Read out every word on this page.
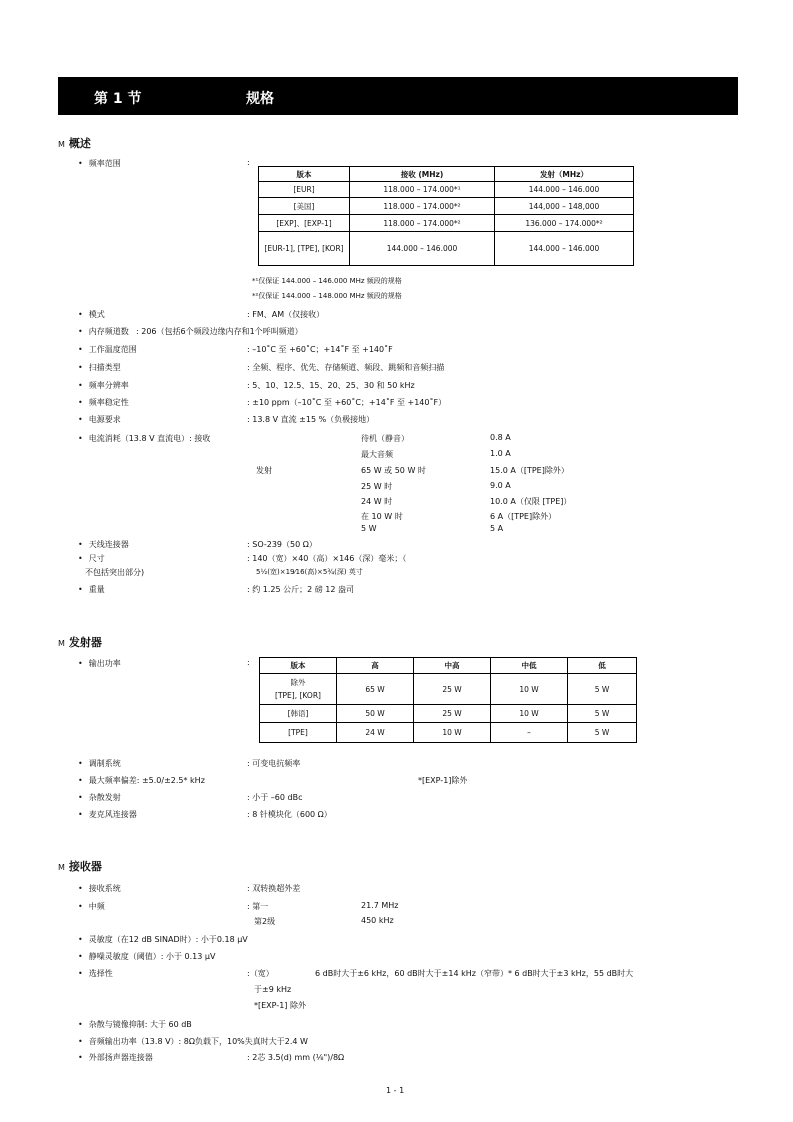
第 1 节	规格
M 概述
• 频率范围	:
版本	接收 (MHz)	发射（MHz）
[EUR]	118.000 – 174.000*¹	144.000 – 146.000
[美国]	118.000 – 174.000*²	144,000 – 148,000
[EXP]、[EXP-1]	118.000 – 174.000*²	136.000 – 174.000*²
[EUR-1], [TPE], [KOR]	144.000 – 146.000	144.000 – 146.000
*¹仅保证 144.000 – 146.000 MHz 频段的规格
*²仅保证 144.000 – 148.000 MHz 频段的规格
• 模式	: FM、AM（仅接收）
• 内存频道数 : 206（包括6个频段边缘内存和1个呼叫频道）
• 工作温度范围	: –10˚C 至 +60˚C；+14˚F 至 +140˚F
• 扫描类型	: 全频、程序、优先、存储频道、频段、跳频和音频扫描
• 频率分辨率	: 5、10、12.5、15、20、25、30 和 50 kHz
• 频率稳定性	: ±10 ppm（–10˚C 至 +60˚C；+14˚F 至 +140˚F）
• 电源要求	: 13.8 V 直流 ±15 %（负极接地）
• 电流消耗（13.8 V 直流电）: 接收
发射
待机（静音）	0.8 A
最大音频	1.0 A
65 W 或 50 W 时	15.0 A（[TPE]除外）
25 W 时	9.0 A
24 W 时	10.0 A（仅限 [TPE]）
在 10 W 时	6 A（[TPE]除外）
5 W	5 A
• 天线连接器	: SO-239（50 Ω）
• 尺寸
不包括突出部分)
: 140（宽）×40（高）×146（深）毫米；（
5½(宽)×19⁄16(高)×5¾(深) 英寸
• 重量	: 约 1.25 公斤；2 磅 12 盎司
M 发射器
• 输出功率	:	版本	高	中高	中低	低
除外
[TPE], [KOR]	65 W	25 W	10 W	5 W
[韩语]	50 W	25 W	10 W	5 W
[TPE]	24 W	10 W	–	5 W
• 调制系统	: 可变电抗频率
• 最大频率偏差: ±5.0/±2.5* kHz	*[EXP-1]除外
• 杂散发射	: 小于 –60 dBc
• 麦克风连接器	: 8 针模块化（600 Ω）
M 接收器
• 接收系统	: 双转换超外差
• 中频	: 第一	21.7 MHz
第2级	450 kHz
• 灵敏度（在12 dB SINAD时）: 小于0.18 μV
• 静噪灵敏度（阈值）: 小于 0.13 μV
• 选择性	:（宽）	6 dB时大于±6 kHz，60 dB时大于±14 kHz（窄带）* 6 dB时大于±3 kHz，55 dB时大
于±9 kHz
*[EXP-1] 除外
• 杂散与镜像抑制: 大于 60 dB
• 音频输出功率（13.8 V）: 8Ω负载下，10%失真时大于2.4 W
• 外部扬声器连接器	: 2芯 3.5(d) mm (⅛")/8Ω
1 - 1
